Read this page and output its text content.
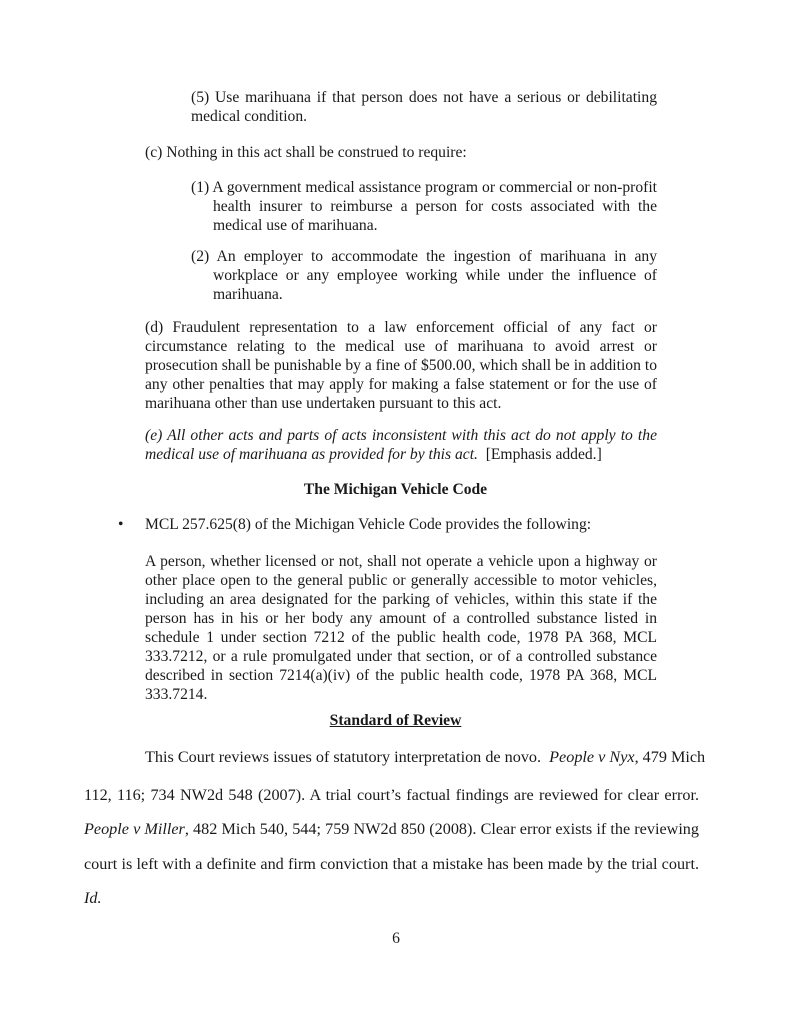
(5) Use marihuana if that person does not have a serious or debilitating
medical condition.
(c) Nothing in this act shall be construed to require:
(1) A government medical assistance program or commercial or non-profit
health insurer to reimburse a person for costs associated with the
medical use of marihuana.
(2) An employer to accommodate the ingestion of marihuana in any
workplace or any employee working while under the influence of
marihuana.
(d) Fraudulent representation to a law enforcement official of any fact or
circumstance relating to the medical use of marihuana to avoid arrest or
prosecution shall be punishable by a fine of $500.00, which shall be in addition to
any other penalties that may apply for making a false statement or for the use of
marihuana other than use undertaken pursuant to this act.
(e) All other acts and parts of acts inconsistent with this act do not apply to the
medical use of marihuana as provided for by this act. [Emphasis added.]
The Michigan Vehicle Code
• MCL 257.625(8) of the Michigan Vehicle Code provides the following:
A person, whether licensed or not, shall not operate a vehicle upon a highway or
other place open to the general public or generally accessible to motor vehicles,
including an area designated for the parking of vehicles, within this state if the
person has in his or her body any amount of a controlled substance listed in
schedule 1 under section 7212 of the public health code, 1978 PA 368, MCL
333.7212, or a rule promulgated under that section, or of a controlled substance
described in section 7214(a)(iv) of the public health code, 1978 PA 368, MCL
333.7214.
Standard of Review
This Court reviews issues of statutory interpretation de novo. People v Nyx, 479 Mich
112, 116; 734 NW2d 548 (2007). A trial court’s factual findings are reviewed for clear error.
People v Miller, 482 Mich 540, 544; 759 NW2d 850 (2008). Clear error exists if the reviewing
court is left with a definite and firm conviction that a mistake has been made by the trial court.
Id.
6
